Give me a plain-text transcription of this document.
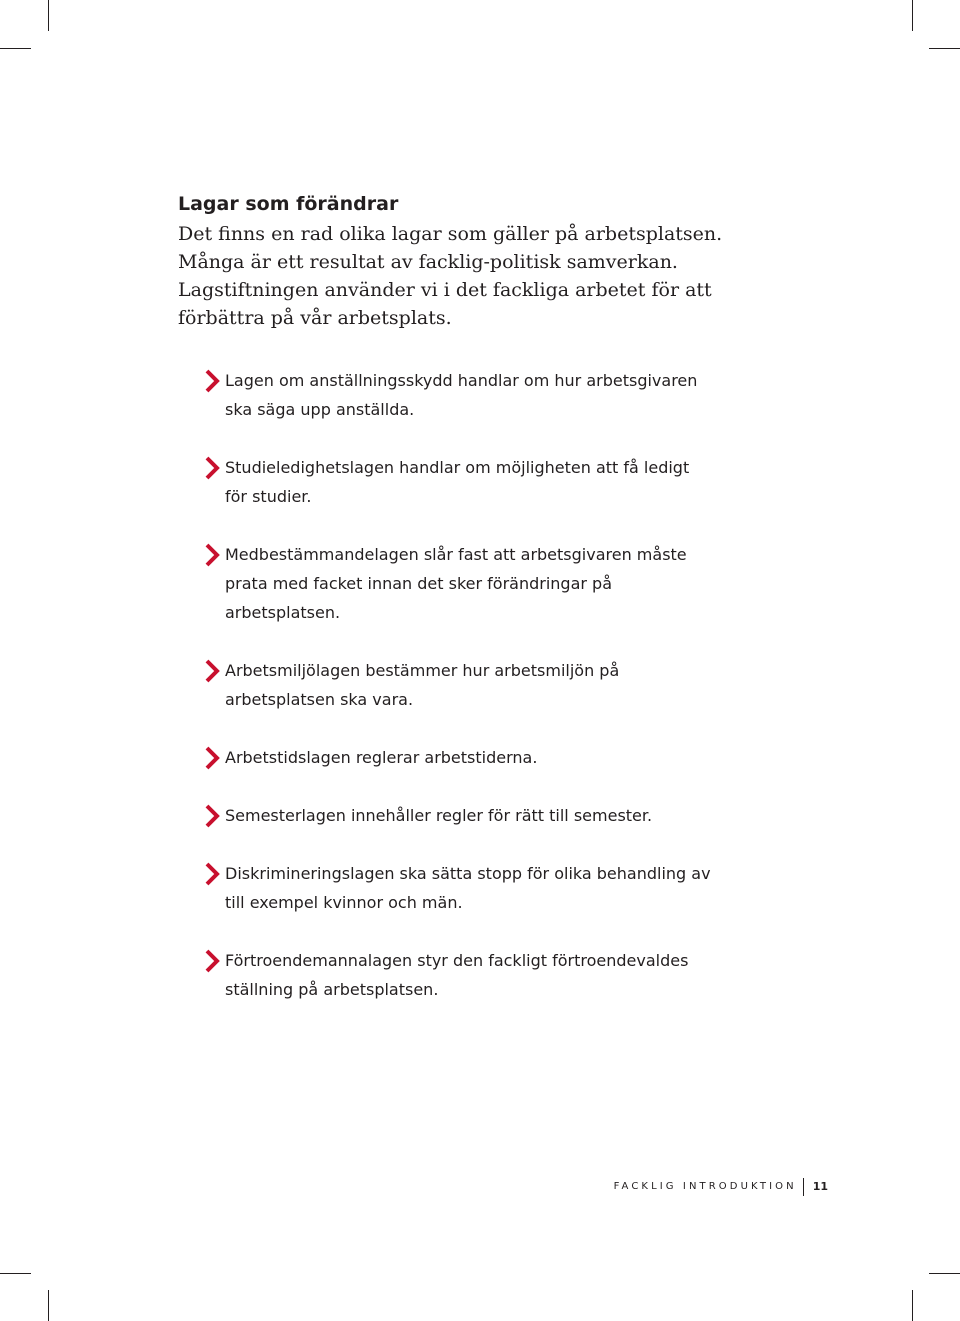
Lagar som förändrar

Det finns en rad olika lagar som gäller på arbetsplatsen. Många är ett resultat av facklig-politisk samverkan. Lagstiftningen använder vi i det fackliga arbetet för att förbättra på vår arbetsplats.

Lagen om anställningsskydd handlar om hur arbetsgivaren ska säga upp anställda.
Studieledighetslagen handlar om möjligheten att få ledigt för studier.
Medbestämmandelagen slår fast att arbetsgivaren måste prata med facket innan det sker förändringar på arbetsplatsen.
Arbetsmiljölagen bestämmer hur arbetsmiljön på arbetsplatsen ska vara.
Arbetstidslagen reglerar arbetstiderna.
Semesterlagen innehåller regler för rätt till semester.
Diskrimineringslagen ska sätta stopp för olika behandling av till exempel kvinnor och män.
Förtroendemannalagen styr den fackligt förtroendevaldes ställning på arbetsplatsen.
FACKLIG INTRODUKTION 11
